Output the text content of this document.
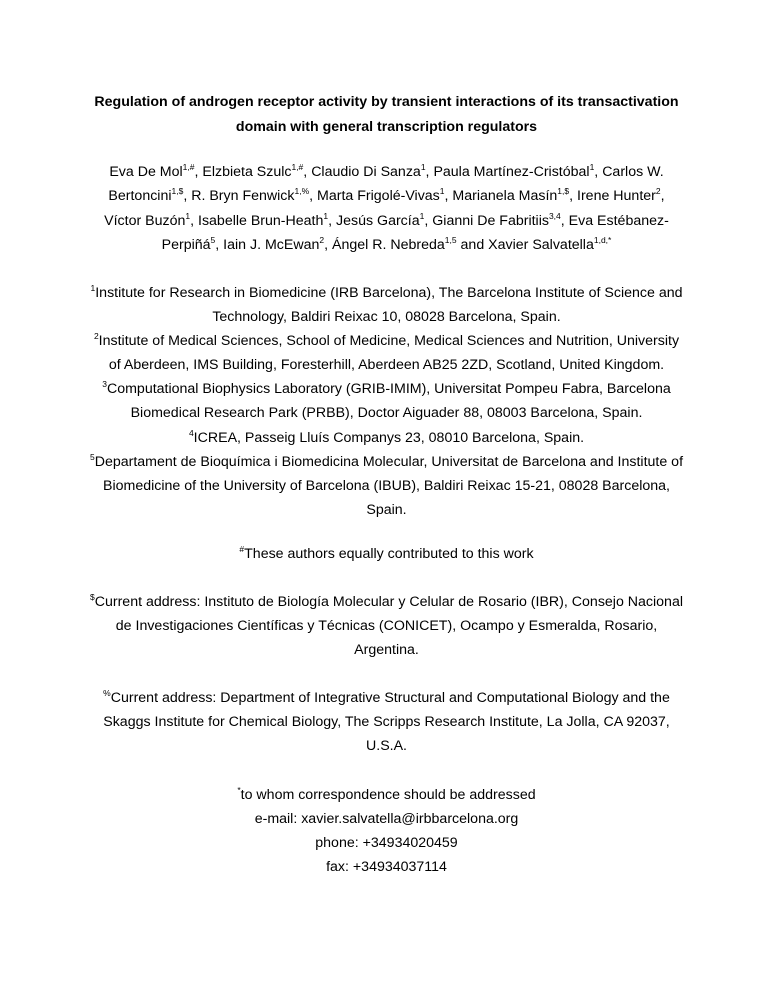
Regulation of androgen receptor activity by transient interactions of its transactivation domain with general transcription regulators
Eva De Mol$^{1,\#}$, Elzbieta Szulc$^{1,\#}$, Claudio Di Sanza$^1$, Paula Martínez-Cristóbal$^1$, Carlos W. Bertoncini$^{1,\$}$, R. Bryn Fenwick$^{1,\%}$, Marta Frigolé-Vivas$^1$, Marianela Masín$^{1,\$}$, Irene Hunter$^2$, Víctor Buzón$^1$, Isabelle Brun-Heath$^1$, Jesús García$^1$, Gianni De Fabritiis$^{3,4}$, Eva Estébanez-Perpiñá$^5$, Iain J. McEwan$^2$, Ángel R. Nebreda$^{1,5}$ and Xavier Salvatella$^{1,d,*}$
$^1$Institute for Research in Biomedicine (IRB Barcelona), The Barcelona Institute of Science and Technology, Baldiri Reixac 10, 08028 Barcelona, Spain.
$^2$Institute of Medical Sciences, School of Medicine, Medical Sciences and Nutrition, University of Aberdeen, IMS Building, Foresterhill, Aberdeen AB25 2ZD, Scotland, United Kingdom.
$^3$Computational Biophysics Laboratory (GRIB-IMIM), Universitat Pompeu Fabra, Barcelona Biomedical Research Park (PRBB), Doctor Aiguader 88, 08003 Barcelona, Spain.
$^4$ICREA, Passeig Lluís Companys 23, 08010 Barcelona, Spain.
$^5$Departament de Bioquímica i Biomedicina Molecular, Universitat de Barcelona and Institute of Biomedicine of the University of Barcelona (IBUB), Baldiri Reixac 15-21, 08028 Barcelona, Spain.
#These authors equally contributed to this work
$Current address: Instituto de Biología Molecular y Celular de Rosario (IBR), Consejo Nacional de Investigaciones Científicas y Técnicas (CONICET), Ocampo y Esmeralda, Rosario, Argentina.
%Current address: Department of Integrative Structural and Computational Biology and the Skaggs Institute for Chemical Biology, The Scripps Research Institute, La Jolla, CA 92037, U.S.A.
*to whom correspondence should be addressed
e-mail: xavier.salvatella@irbbarcelona.org
phone: +34934020459
fax: +34934037114
